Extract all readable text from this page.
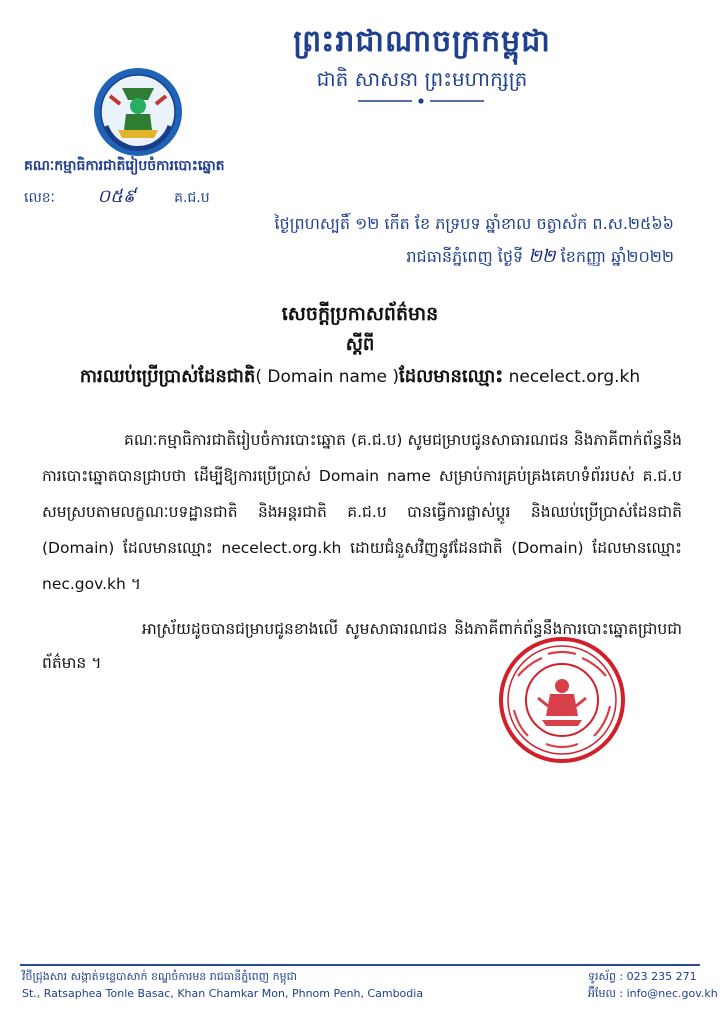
ព្រះរាជាណាចក្រកម្ពុជា
ជាតិ សាសនា ព្រះមហាក្សត្រ
គណៈកម្មាធិការជាតិរៀបចំការបោះឆ្នោត
លេខៈ ០៥៩	គ.ជ.ប
ថ្ងៃព្រហស្បតិ៍ ១២ កើត ខែ ភទ្របទ ឆ្នាំខាល ចត្វាស័ក ព.ស.២៥៦៦
រាជធានីភ្នំពេញ ថ្ងៃទី ២២ ខែកញ្ញា ឆ្នាំ២០២២
សេចក្តីប្រកាសព័ត៌មាន
ស្តីពី
ការឈប់ប្រើប្រាស់ដែនជាតិ( Domain name )ដែលមានឈ្មោះ necelect.org.kh
គណៈកម្មាធិការជាតិរៀបចំការបោះឆ្នោត (គ.ជ.ប) សូមជម្រាបជូនសាធារណជន និងភាគីពាក់ព័ន្ធនឹងការបោះឆ្នោតបានជ្រាបថា ដើម្បីឱ្យការប្រើប្រាស់ Domain name សម្រាប់ការគ្រប់គ្រងគេហទំព័ររបស់ គ.ជ.ប សមស្របតាមលក្ខណៈបទដ្ឋានជាតិ និងអន្តរជាតិ គ.ជ.ប បានធ្វើការផ្លាស់ប្តូរ និងឈប់ប្រើប្រាស់ដែនជាតិ (Domain) ដែលមានឈ្មោះ necelect.org.kh ដោយជំនួសវិញនូវដែនជាតិ (Domain) ដែលមានឈ្មោះ nec.gov.kh ។
អាស្រ័យដូចបានជម្រាបជូនខាងលើ សូមសាធារណជន និងភាគីពាក់ព័ន្ធនឹងការបោះឆ្នោតជ្រាបជាព័ត៌មាន ។
វិថីជ្រុងសារ សង្កាត់ទន្លេបាសាក់ ខណ្ឌចំការមន រាជធានីភ្នំពេញ កម្ពុជា
St., Ratsaphea Tonle Basac, Khan Chamkar Mon, Phnom Penh, Cambodia
ទូរស័ព្ទ : 023 235 271
អ៊ីមែល : info@nec.gov.kh
